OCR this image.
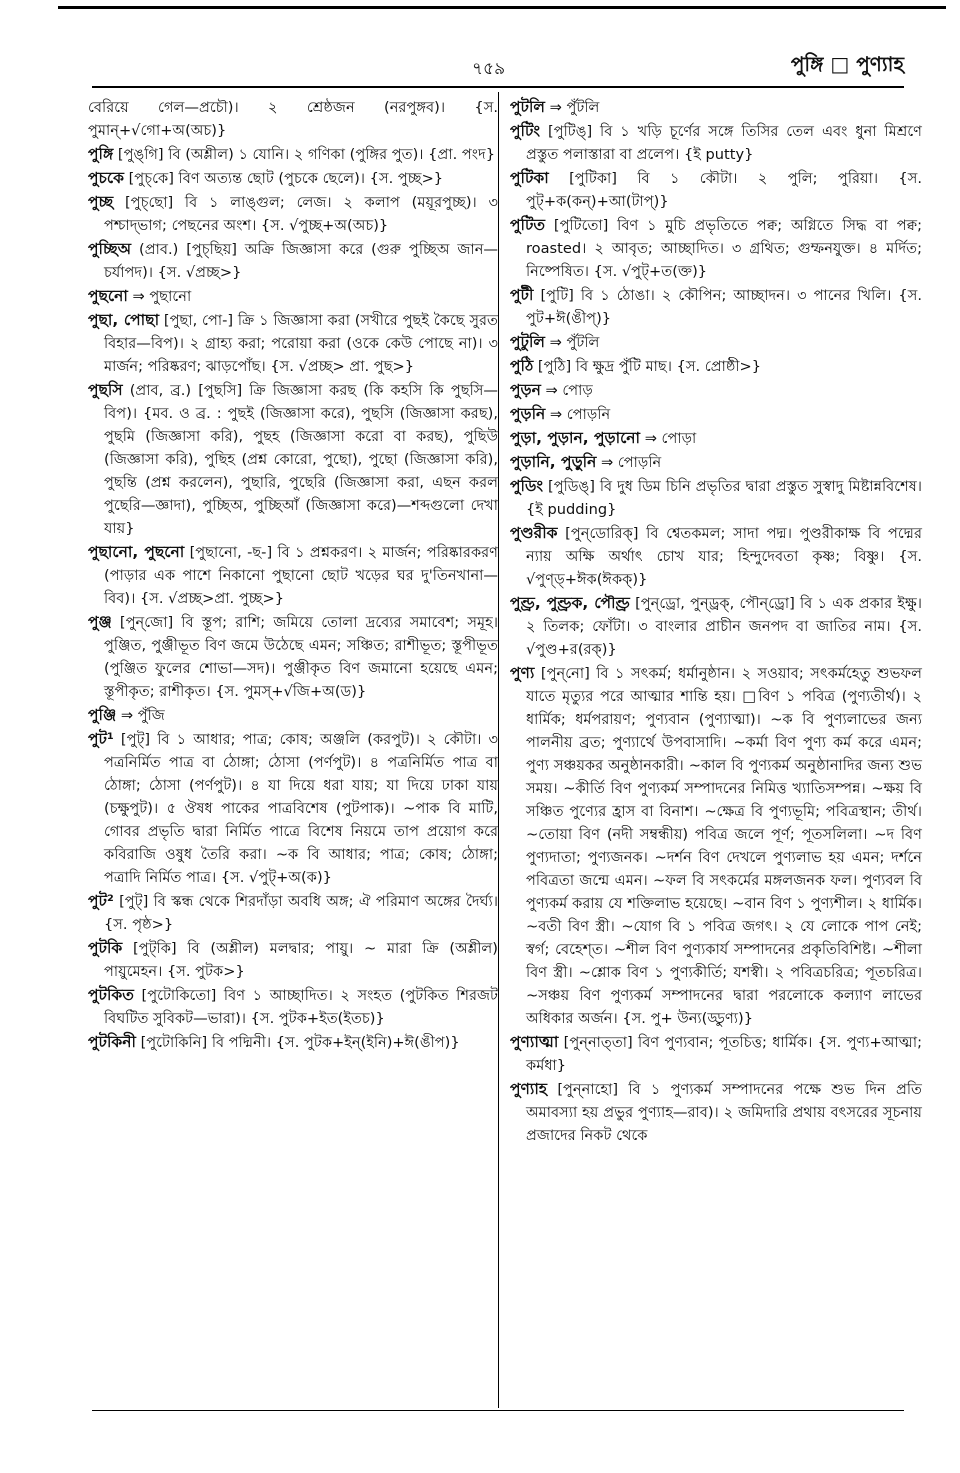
৭৫৯	পুঙ্গি □ পুণ্যাহ

বেরিয়ে গেল—প্রচৌ)। ২ শ্রেষ্ঠজন (নরপুঙ্গব)। {স. পুমান্+√গো+অ(অচ)}

পুঙ্গি [পুঙ্‌গি] বি (অশ্লীল) ১ যোনি। ২ গণিকা (পুঙ্গির পুত)। {প্রা. পংদ}

পুচকে [পুচ্‌কে] বিণ অত্যন্ত ছোট (পুচকে ছেলে)। {স. পুচ্ছ>}

পুচ্ছ [পুচ্‌ছো] বি ১ লাঙ্গুল; লেজ। ২ কলাপ (ময়ূরপুচ্ছ)। ৩ পশ্চাদ্‌ভাগ; পেছনের অংশ। {স. √পুচ্ছ+অ(অচ)}

পুচ্ছিঅ (প্রাব.) [পুচ্‌ছিয়] অক্রি জিজ্ঞাসা করে (গুরু পুচ্ছিঅ জান—চর্যাপদ)। {স. √প্রচ্ছ>}

পুছনো ⇒ পুছানো

পুছা, পোছা [পুছা, পো-] ক্রি ১ জিজ্ঞাসা করা (সখীরে পুছই কৈছে সুরত বিহার—বিপ)। ২ গ্রাহ্য করা; পরোয়া করা (ওকে কেউ পোছে না)। ৩ মার্জন; পরিষ্করণ; ঝাড়পোঁছ। {স. √প্রচ্ছ> প্রা. পুছ>}

পুছসি (প্রাব, ব্র.) [পুছসি] ক্রি জিজ্ঞাসা করছ (কি কহসি কি পুছসি—বিপ)। {মব. ও ব্র. : পুছই (জিজ্ঞাসা করে), পুছসি (জিজ্ঞাসা করছ), পুছমি (জিজ্ঞাসা করি), পুছহ (জিজ্ঞাসা করো বা করছ), পুছিউ (জিজ্ঞাসা করি), পুছিহ (প্রশ্ন কোরো, পুছো), পুছো (জিজ্ঞাসা করি), পুছন্তি (প্রশ্ন করলেন), পুছারি, পুছেরি (জিজ্ঞাসা করা, এছন করল পুছেরি—জ্ঞাদা), পুচ্ছিঅ, পুচ্ছিআঁ (জিজ্ঞাসা করে)—শব্দগুলো দেখা যায়}

পুছানো, পুছনো [পুছানো, -ছ-] বি ১ প্রশ্নকরণ। ২ মার্জন; পরিষ্কারকরণ (পাড়ার এক পাশে নিকানো পুছানো ছোট খড়ের ঘর দু'তিনখানা—বিব)। {স. √প্রচ্ছ>প্রা. পুচ্ছ>}

পুঞ্জ [পুন্‌জো] বি স্তূপ; রাশি; জমিয়ে তোলা দ্রব্যের সমাবেশ; সমূহ। পুঞ্জিত, পুঞ্জীভূত বিণ জমে উঠেছে এমন; সঞ্চিত; রাশীভূত; স্তূপীভূত (পুঞ্জিত ফুলের শোভা—সদ)। পুঞ্জীকৃত বিণ জমানো হয়েছে এমন; স্তূপীকৃত; রাশীকৃত। {স. পুমস্+√জি+অ(ড)}

পুঞ্জি ⇒ পুঁজি

পুট¹ [পুট্] বি ১ আধার; পাত্র; কোষ; অঞ্জলি (করপুট)। ২ কৌটা। ৩ পত্রনির্মিত পাত্র বা ঠোঙ্গা; ঠোসা (পর্ণপুট)। ৪ পত্রনির্মিত পাত্র বা ঠোঙ্গা; ঠোসা (পর্ণপুট)। ৪ যা দিয়ে ধরা যায়; যা দিয়ে ঢাকা যায় (চক্ষুপুট)। ৫ ঔষধ পাকের পাত্রবিশেষ (পুটপাক)। ~পাক বি মাটি, গোবর প্রভৃতি দ্বারা নির্মিত পাত্রে বিশেষ নিয়মে তাপ প্রয়োগ করে কবিরাজি ওষুধ তৈরি করা। ~ক বি আধার; পাত্র; কোষ; ঠোঙ্গা; পত্রাদি নির্মিত পাত্র। {স. √পুট্+অ(ক)}

পুট² [পুট্] বি স্কন্ধ থেকে শিরদাঁড়া অবধি অঙ্গ; ঐ পরিমাণ অঙ্গের দৈর্ঘ্য। {স. পৃষ্ঠ>}

পুটকি [পুট্‌কি] বি (অশ্লীল) মলদ্বার; পায়ু। ~ মারা ক্রি (অশ্লীল) পায়ুমেহন। {স. পুটক>}

পুটকিত [পুটোকিতো] বিণ ১ আচ্ছাদিত। ২ সংহত (পুটকিত শিরজট বিঘটিত সুবিকট—ভারা)। {স. পুটক+ইত(ইতচ)}

পুটকিনী [পুটোকিনি] বি পদ্মিনী। {স. পুটক+ইন্(ইনি)+ঈ(ঙীপ)}

পুটলি ⇒ পুঁটলি

পুটিং [পুটিঙ্] বি ১ খড়ি চূর্ণের সঙ্গে তিসির তেল এবং ধুনা মিশ্রণে প্রস্তুত পলাস্তারা বা প্রলেপ। {ই putty}

পুটিকা [পুটিকা] বি ১ কৌটা। ২ পুলি; পুরিয়া। {স. পুট্+ক(কন্)+আ(টাপ্)}

পুটিত [পুটিতো] বিণ ১ মুচি প্রভৃতিতে পক্ব; অগ্নিতে সিদ্ধ বা পক্ব; roasted। ২ আবৃত; আচ্ছাদিত। ৩ গ্রথিত; গুম্ফনযুক্ত। ৪ মর্দিত; নিষ্পেষিত। {স. √পুট্+ত(ক্ত)}

পুটী [পুটি] বি ১ ঠোঙা। ২ কৌপিন; আচ্ছাদন। ৩ পানের খিলি। {স. পুট+ঈ(ঙীপ্)}

পুটুলি ⇒ পুঁটলি

পুঠি [পুঠি] বি ক্ষুদ্র পুঁটি মাছ। {স. প্রোষ্ঠী>}

পুড়ন ⇒ পোড়

পুড়নি ⇒ পোড়নি

পুড়া, পুড়ান, পুড়ানো ⇒ পোড়া

পুড়ানি, পুড়ুনি ⇒ পোড়নি

পুডিং [পুডিঙ্] বি দুধ ডিম চিনি প্রভৃতির দ্বারা প্রস্তুত সুস্বাদু মিষ্টান্নবিশেষ। {ই pudding}

পুণ্ডরীক [পুন্‌ডোরিক্] বি শ্বেতকমল; সাদা পদ্ম। পুণ্ডরীকাক্ষ বি পদ্মের ন্যায় অক্ষি অর্থাৎ চোখ যার; হিন্দুদেবতা কৃষ্ণ; বিষ্ণু। {স. √পুণ্ড্+ঈক(ঈকক্)}

পুণ্ড্র, পুণ্ড্রক, পৌণ্ড্র [পুন্‌ড্রো, পুন্‌ড্রক্, পৌন্‌ড্রো] বি ১ এক প্রকার ইক্ষু। ২ তিলক; ফোঁটা। ৩ বাংলার প্রাচীন জনপদ বা জাতির নাম। {স. √পুণ্ড+র(রক্)}

পুণ্য [পুন্‌নো] বি ১ সৎকর্ম; ধর্মানুষ্ঠান। ২ সওয়াব; সৎকর্মহেতু শুভফল যাতে মৃত্যুর পরে আত্মার শান্তি হয়। □বিণ ১ পবিত্র (পুণ্যতীর্থ)। ২ ধার্মিক; ধর্মপরায়ণ; পুণ্যবান (পুণ্যাত্মা)। ~ক বি পুণ্যলাভের জন্য পালনীয় ব্রত; পুণ্যার্থে উপবাসাদি। ~কর্মা বিণ পুণ্য কর্ম করে এমন; পুণ্য সঞ্চয়কর অনুষ্ঠানকারী। ~কাল বি পুণ্যকর্ম অনুষ্ঠানাদির জন্য শুভ সময়। ~কীর্তি বিণ পুণ্যকর্ম সম্পাদনের নিমিত্ত খ্যাতিসম্পন্ন। ~ক্ষয় বি সঞ্চিত পুণ্যের হ্রাস বা বিনাশ। ~ক্ষেত্র বি পুণ্যভূমি; পবিত্রস্থান; তীর্থ। ~তোয়া বিণ (নদী সম্বন্ধীয়) পবিত্র জলে পূর্ণ; পূতসলিলা। ~দ বিণ পুণ্যদাতা; পুণ্যজনক। ~দর্শন বিণ দেখলে পুণ্যলাভ হয় এমন; দর্শনে পবিত্রতা জন্মে এমন। ~ফল বি সৎকর্মের মঙ্গলজনক ফল। পুণ্যবল বি পুণ্যকর্ম করায় যে শক্তিলাভ হয়েছে। ~বান বিণ ১ পুণ্যশীল। ২ ধার্মিক। ~বতী বিণ স্ত্রী। ~যোগ বি ১ পবিত্র জগৎ। ২ যে লোকে পাপ নেই; স্বর্গ; বেহেশ্‌ত। ~শীল বিণ পুণ্যকার্য সম্পাদনের প্রকৃতিবিশিষ্ট। ~শীলা বিণ স্ত্রী। ~শ্লোক বিণ ১ পুণ্যকীর্তি; যশস্বী। ২ পবিত্রচরিত্র; পূতচরিত্র। ~সঞ্চয় বিণ পুণ্যকর্ম সম্পাদনের দ্বারা পরলোকে কল্যাণ লাভের অধিকার অর্জন। {স. পু+ উন্য(ড্ডুণ্য)}

পুণ্যাত্মা [পুন্‌নাত্‌তা] বিণ পুণ্যবান; পূতচিত্ত; ধার্মিক। {স. পুণ্য+আত্মা; কর্মধা}

পুণ্যাহ [পুন্‌নাহো] বি ১ পুণ্যকর্ম সম্পাদনের পক্ষে শুভ দিন প্রতি অমাবস্যা হয় প্রভুর পুণ্যাহ—রাব)। ২ জমিদারি প্রথায় বৎসরের সূচনায় প্রজাদের নিকট থেকে
